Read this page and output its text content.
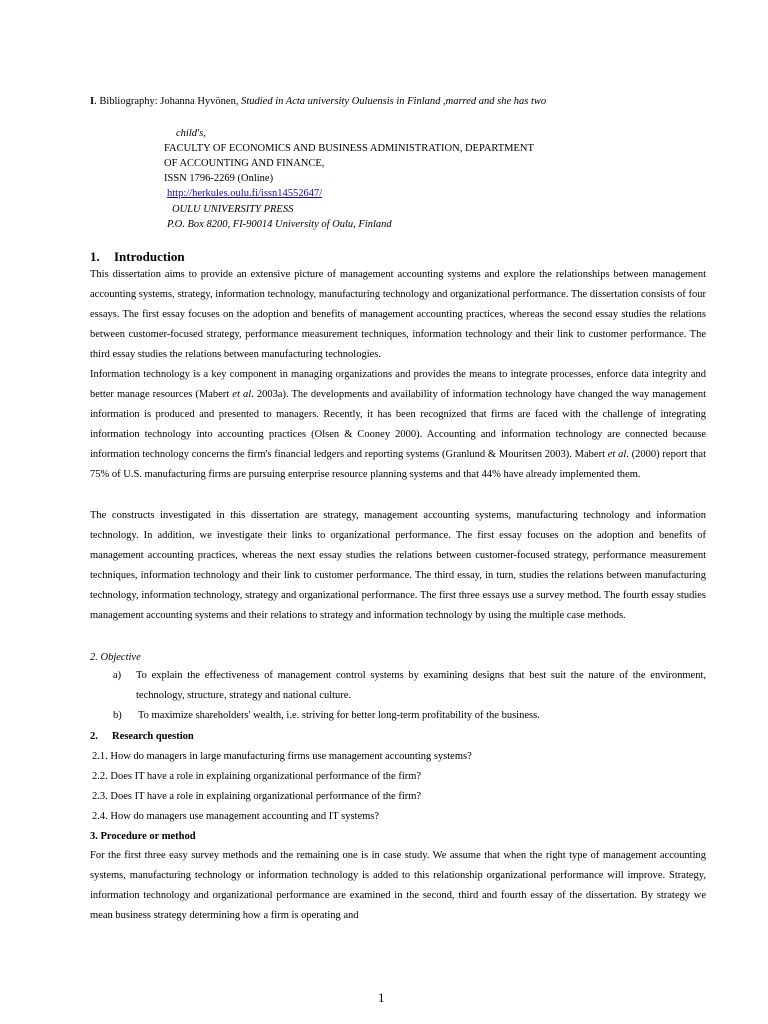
I. Bibliography: Johanna Hyvönen, Studied in Acta university Ouluensis in Finland ,marred and she has two
child's,
FACULTY OF ECONOMICS AND BUSINESS ADMINISTRATION, DEPARTMENT
OF ACCOUNTING AND FINANCE,
ISSN 1796-2269 (Online)
http://herkules.oulu.fi/issn14552647/
OULU UNIVERSITY PRESS
P.O. Box 8200, FI-90014 University of Oulu, Finland
1. Introduction
This dissertation aims to provide an extensive picture of management accounting systems and explore the relationships between management accounting systems, strategy, information technology, manufacturing technology and organizational performance. The dissertation consists of four essays. The first essay focuses on the adoption and benefits of management accounting practices, whereas the second essay studies the relations between customer-focused strategy, performance measurement techniques, information technology and their link to customer performance. The third essay studies the relations between manufacturing technologies.
Information technology is a key component in managing organizations and provides the means to integrate processes, enforce data integrity and better manage resources (Mabert et al. 2003a). The developments and availability of information technology have changed the way management information is produced and presented to managers. Recently, it has been recognized that firms are faced with the challenge of integrating information technology into accounting practices (Olsen & Cooney 2000). Accounting and information technology are connected because information technology concerns the firm's financial ledgers and reporting systems (Granlund & Mouritsen 2003). Mabert et al. (2000) report that 75% of U.S. manufacturing firms are pursuing enterprise resource planning systems and that 44% have already implemented them.
The constructs investigated in this dissertation are strategy, management accounting systems, manufacturing technology and information technology. In addition, we investigate their links to organizational performance. The first essay focuses on the adoption and benefits of management accounting practices, whereas the next essay studies the relations between customer-focused strategy, performance measurement techniques, information technology and their link to customer performance. The third essay, in turn, studies the relations between manufacturing technology, information technology, strategy and organizational performance. The first three essays use a survey method. The fourth essay studies management accounting systems and their relations to strategy and information technology by using the multiple case methods.
2. Objective
a) To explain the effectiveness of management control systems by examining designs that best suit the nature of the environment, technology, structure, strategy and national culture.
b) To maximize shareholders' wealth, i.e. striving for better long-term profitability of the business.
2. Research question
2.1. How do managers in large manufacturing firms use management accounting systems?
2.2. Does IT have a role in explaining organizational performance of the firm?
2.3. Does IT have a role in explaining organizational performance of the firm?
2.4. How do managers use management accounting and IT systems?
3. Procedure or method
For the first three easy survey methods and the remaining one is in case study. We assume that when the right type of management accounting systems, manufacturing technology or information technology is added to this relationship organizational performance will improve. Strategy, information technology and organizational performance are examined in the second, third and fourth essay of the dissertation. By strategy we mean business strategy determining how a firm is operating and
1
